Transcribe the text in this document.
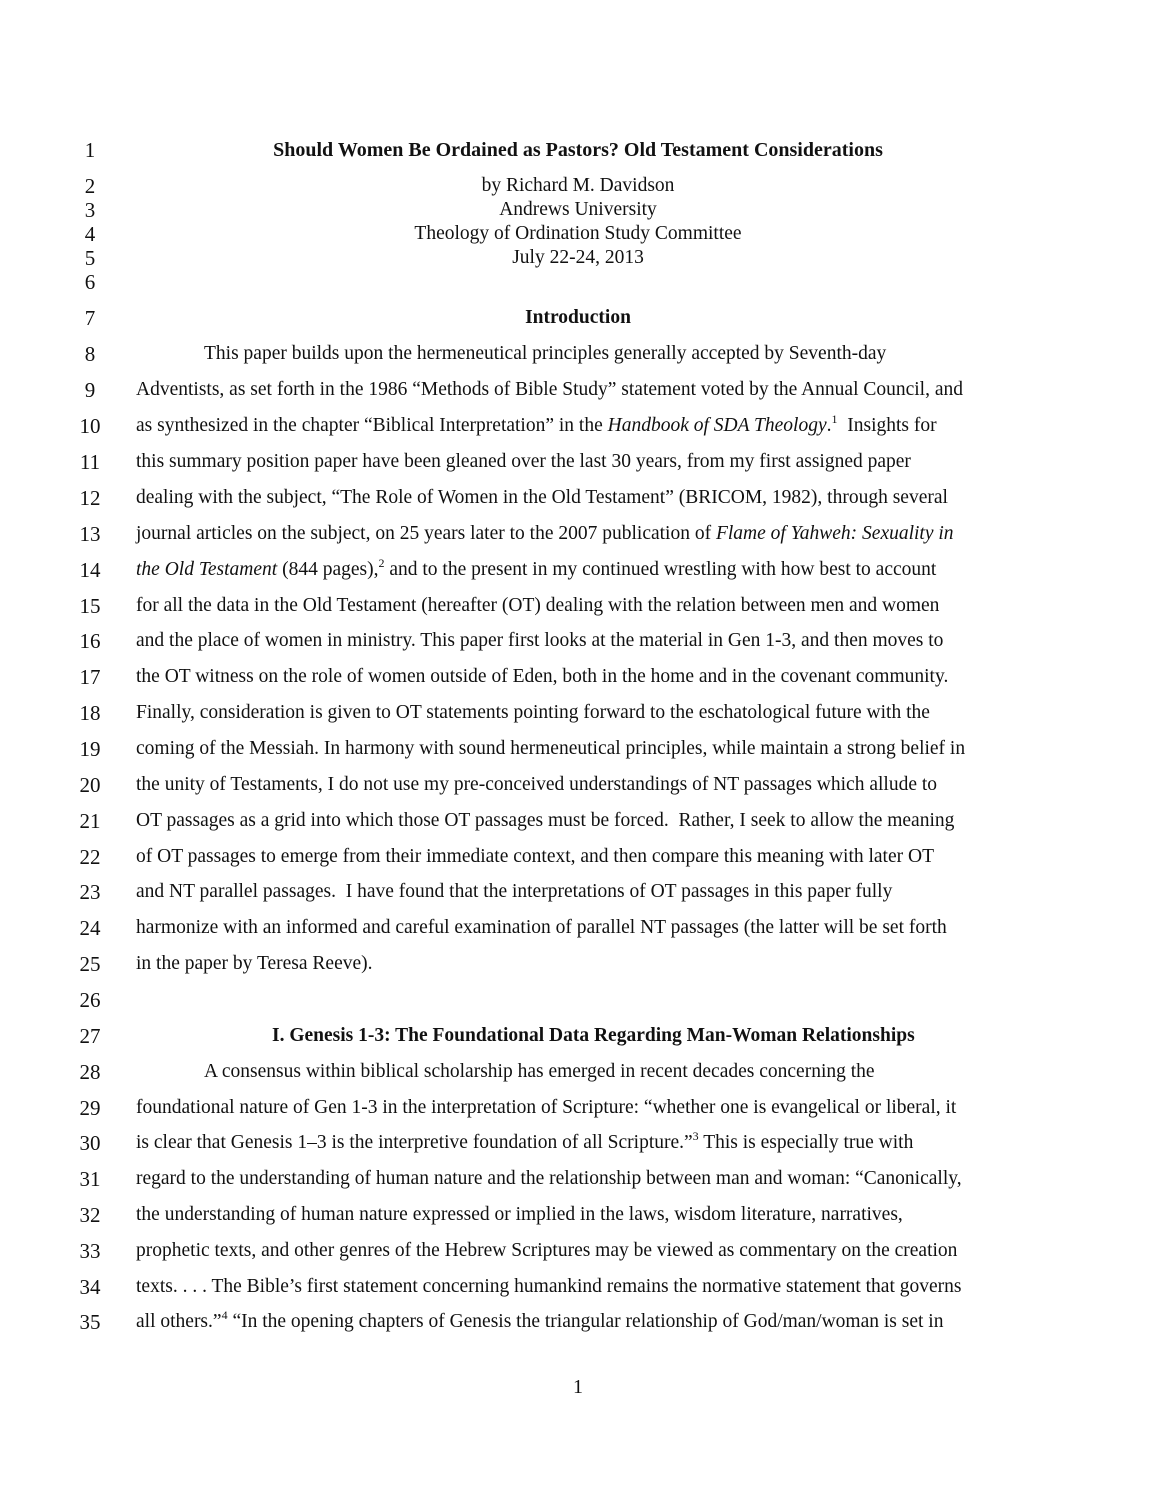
1
2
3
4
5
6
7
8
9
10
11
12
13
14
15
16
17
18
19
20
21
22
23
24
25
26
27
28
29
30
31
32
33
34
35
Should Women Be Ordained as Pastors? Old Testament Considerations
by Richard M. Davidson
Andrews University
Theology of Ordination Study Committee
July 22-24, 2013
Introduction
This paper builds upon the hermeneutical principles generally accepted by Seventh-day
Adventists, as set forth in the 1986 “Methods of Bible Study” statement voted by the Annual Council, and
as synthesized in the chapter “Biblical Interpretation” in the Handbook of SDA Theology.$^1$  Insights for
this summary position paper have been gleaned over the last 30 years, from my first assigned paper
dealing with the subject, “The Role of Women in the Old Testament” (BRICOM, 1982), through several
journal articles on the subject, on 25 years later to the 2007 publication of Flame of Yahweh: Sexuality in
the Old Testament (844 pages),$^2$ and to the present in my continued wrestling with how best to account
for all the data in the Old Testament (hereafter (OT) dealing with the relation between men and women
and the place of women in ministry. This paper first looks at the material in Gen 1-3, and then moves to
the OT witness on the role of women outside of Eden, both in the home and in the covenant community.
Finally, consideration is given to OT statements pointing forward to the eschatological future with the
coming of the Messiah. In harmony with sound hermeneutical principles, while maintain a strong belief in
the unity of Testaments, I do not use my pre-conceived understandings of NT passages which allude to
OT passages as a grid into which those OT passages must be forced.  Rather, I seek to allow the meaning
of OT passages to emerge from their immediate context, and then compare this meaning with later OT
and NT parallel passages.  I have found that the interpretations of OT passages in this paper fully
harmonize with an informed and careful examination of parallel NT passages (the latter will be set forth
in the paper by Teresa Reeve).
I. Genesis 1-3: The Foundational Data Regarding Man-Woman Relationships
A consensus within biblical scholarship has emerged in recent decades concerning the
foundational nature of Gen 1-3 in the interpretation of Scripture: “whether one is evangelical or liberal, it
is clear that Genesis 1–3 is the interpretive foundation of all Scripture.”$^3$ This is especially true with
regard to the understanding of human nature and the relationship between man and woman: “Canonically,
the understanding of human nature expressed or implied in the laws, wisdom literature, narratives,
prophetic texts, and other genres of the Hebrew Scriptures may be viewed as commentary on the creation
texts. . . . The Bible’s first statement concerning humankind remains the normative statement that governs
all others.”$^4$ “In the opening chapters of Genesis the triangular relationship of God/man/woman is set in
1
